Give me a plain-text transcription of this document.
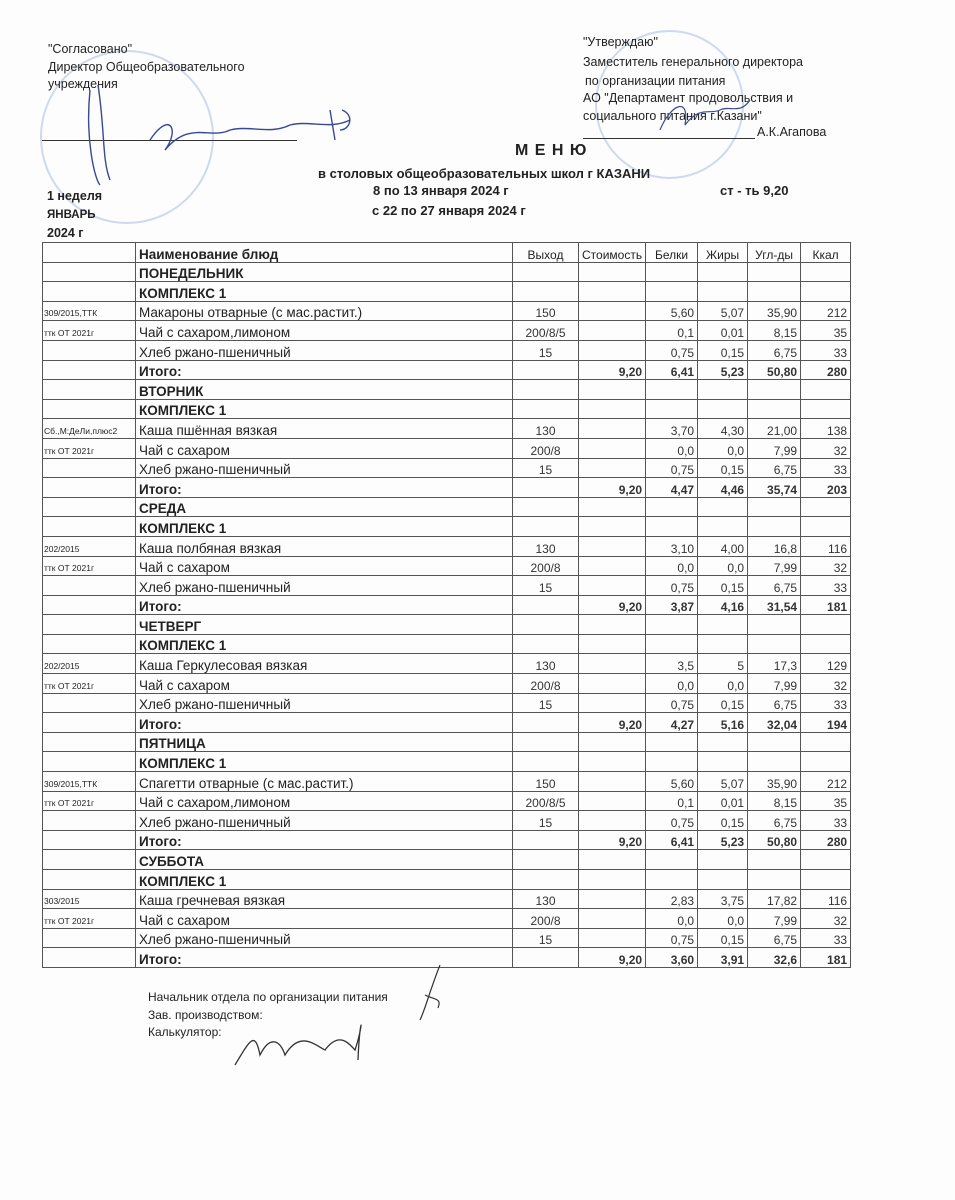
"Согласовано"
Директор Общеобразовательного
учреждения
"Утверждаю"
Заместитель генерального директора
по организации питания
АО "Департамент продовольствия и
социального питания г.Казани"
А.К.Агапова
М Е Н Ю
в столовых общеобразовательных школ г КАЗАНИ
8 по 13 января 2024 г
с 22 по 27 января 2024 г
ст - ть 9,20
1 неделя
ЯНВАРЬ
2024 г
	Наименование блюд	Выход	Стоимость	Белки	Жиры	Угл-ды	Ккал
	ПОНЕДЕЛЬНИК						
	КОМПЛЕКС 1						
309/2015,ТТК	Макароны отварные (с мас.растит.)	150		5,60	5,07	35,90	212
ттк ОТ 2021г	Чай с сахаром,лимоном	200/8/5		0,1	0,01	8,15	35
	Хлеб ржано-пшеничный	15		0,75	0,15	6,75	33
	Итого:		9,20	6,41	5,23	50,80	280
	ВТОРНИК						
	КОМПЛЕКС 1						
Сб.,М:ДеЛи,плюс2	Каша пшённая вязкая	130		3,70	4,30	21,00	138
ттк ОТ 2021г	Чай с сахаром	200/8		0,0	0,0	7,99	32
	Хлеб ржано-пшеничный	15		0,75	0,15	6,75	33
	Итого:		9,20	4,47	4,46	35,74	203
	СРЕДА						
	КОМПЛЕКС 1						
202/2015	Каша полбяная вязкая	130		3,10	4,00	16,8	116
ттк ОТ 2021г	Чай с сахаром	200/8		0,0	0,0	7,99	32
	Хлеб ржано-пшеничный	15		0,75	0,15	6,75	33
	Итого:		9,20	3,87	4,16	31,54	181
	ЧЕТВЕРГ						
	КОМПЛЕКС 1						
202/2015	Каша Геркулесовая вязкая	130		3,5	5	17,3	129
ттк ОТ 2021г	Чай с сахаром	200/8		0,0	0,0	7,99	32
	Хлеб ржано-пшеничный	15		0,75	0,15	6,75	33
	Итого:		9,20	4,27	5,16	32,04	194
	ПЯТНИЦА						
	КОМПЛЕКС 1						
309/2015,ТТК	Спагетти отварные (с мас.растит.)	150		5,60	5,07	35,90	212
ттк ОТ 2021г	Чай с сахаром,лимоном	200/8/5		0,1	0,01	8,15	35
	Хлеб ржано-пшеничный	15		0,75	0,15	6,75	33
	Итого:		9,20	6,41	5,23	50,80	280
	СУББОТА						
	КОМПЛЕКС 1						
303/2015	Каша гречневая вязкая	130		2,83	3,75	17,82	116
ттк ОТ 2021г	Чай с сахаром	200/8		0,0	0,0	7,99	32
	Хлеб ржано-пшеничный	15		0,75	0,15	6,75	33
	Итого:		9,20	3,60	3,91	32,6	181
Начальник отдела по организации питания
Зав. производством:
Калькулятор:
